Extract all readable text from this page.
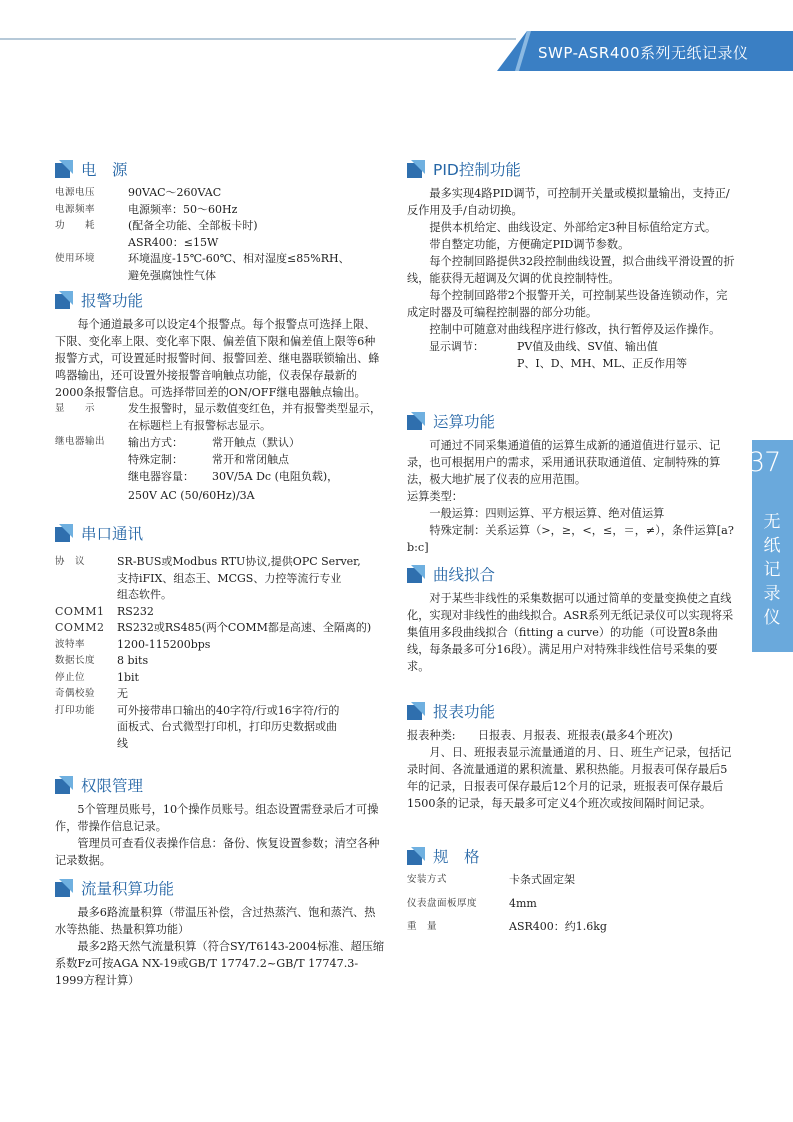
SWP-ASR400系列无纸记录仪
37
无纸记录仪
电　源
电源电压	90VAC～260VAC
电源频率	电源频率：50～60Hz
功　　耗	(配备全功能、全部板卡时)
ASR400：≤15W
使用环境	环境温度-15℃-60℃、相对湿度≤85%RH、
避免强腐蚀性气体
报警功能

每个通道最多可以设定4个报警点。每个报警点可选择上限、下限、变化率上限、变化率下限、偏差值下限和偏差值上限等6种报警方式，可设置延时报警时间、报警回差、继电器联锁输出、蜂鸣器输出，还可设置外接报警音响触点功能，仪表保存最新的2000条报警信息。可选择带回差的ON/OFF继电器触点输出。

显　　示	发生报警时，显示数值变红色，并有报警类型显示，在标题栏上有报警标志显示。
继电器输出	输出方式：	常开触点（默认）
特殊定制：	常开和常闭触点
继电器容量：	30V/5A Dc (电阻负载)，
250V AC (50/60Hz)/3A
串口通讯
协　议	SR-BUS或Modbus RTU协议,提供OPC Server,
支持iFIX、组态王、MCGS、力控等流行专业
组态软件。
COMM1	RS232
COMM2	RS232或RS485(两个COMM都是高速、全隔离的)
波特率	1200-115200bps
数据长度	8 bits
停止位	1bit
奇偶校验	无
打印功能	可外接带串口输出的40字符/行或16字符/行的
面板式、台式微型打印机，打印历史数据或曲
线
权限管理

5个管理员账号，10个操作员账号。组态设置需登录后才可操作，带操作信息记录。

管理员可查看仪表操作信息：备份、恢复设置参数；清空各种记录数据。

流量积算功能

最多6路流量积算（带温压补偿，含过热蒸汽、饱和蒸汽、热水等热能、热量积算功能）

最多2路天然气流量积算（符合SY/T6143-2004标准、超压缩系数Fz可按AGA NX-19或GB/T 17747.2~GB/T 17747.3-1999方程计算）

PID控制功能

最多实现4路PID调节，可控制开关量或模拟量输出，支持正/反作用及手/自动切换。

提供本机给定、曲线设定、外部给定3种目标值给定方式。

带自整定功能，方便确定PID调节参数。

每个控制回路提供32段控制曲线设置，拟合曲线平滑设置的折线，能获得无超调及欠调的优良控制特性。

每个控制回路带2个报警开关，可控制某些设备连锁动作，完成定时器及可编程控制器的部分功能。

控制中可随意对曲线程序进行修改，执行暂停及运作操作。

显示调节：	PV值及曲线、SV值、输出值
P、I、D、MH、ML、正反作用等
运算功能

可通过不同采集通道值的运算生成新的通道值进行显示、记录，也可根据用户的需求，采用通讯获取通道值、定制特殊的算法，极大地扩展了仪表的应用范围。

运算类型：

一般运算：四则运算、平方根运算、绝对值运算

特殊定制：关系运算（>，≥，<，≤，＝，≠），条件运算[a?b:c]

曲线拟合

对于某些非线性的采集数据可以通过简单的变量变换使之直线化，实现对非线性的曲线拟合。ASR系列无纸记录仪可以实现将采集值用多段曲线拟合（fitting a curve）的功能（可设置8条曲线，每条最多可分16段）。满足用户对特殊非线性信号采集的要求。

报表功能

报表种类:　　日报表、月报表、班报表(最多4个班次)

月、日、班报表显示流量通道的月、日、班生产记录，包括记录时间、各流量通道的累积流量、累积热能。月报表可保存最后5年的记录，日报表可保存最后12个月的记录，班报表可保存最后1500条的记录，每天最多可定义4个班次或按间隔时间记录。

规　格
安装方式	卡条式固定架
仪表盘面板厚度	4mm
重　量	ASR400：约1.6kg
